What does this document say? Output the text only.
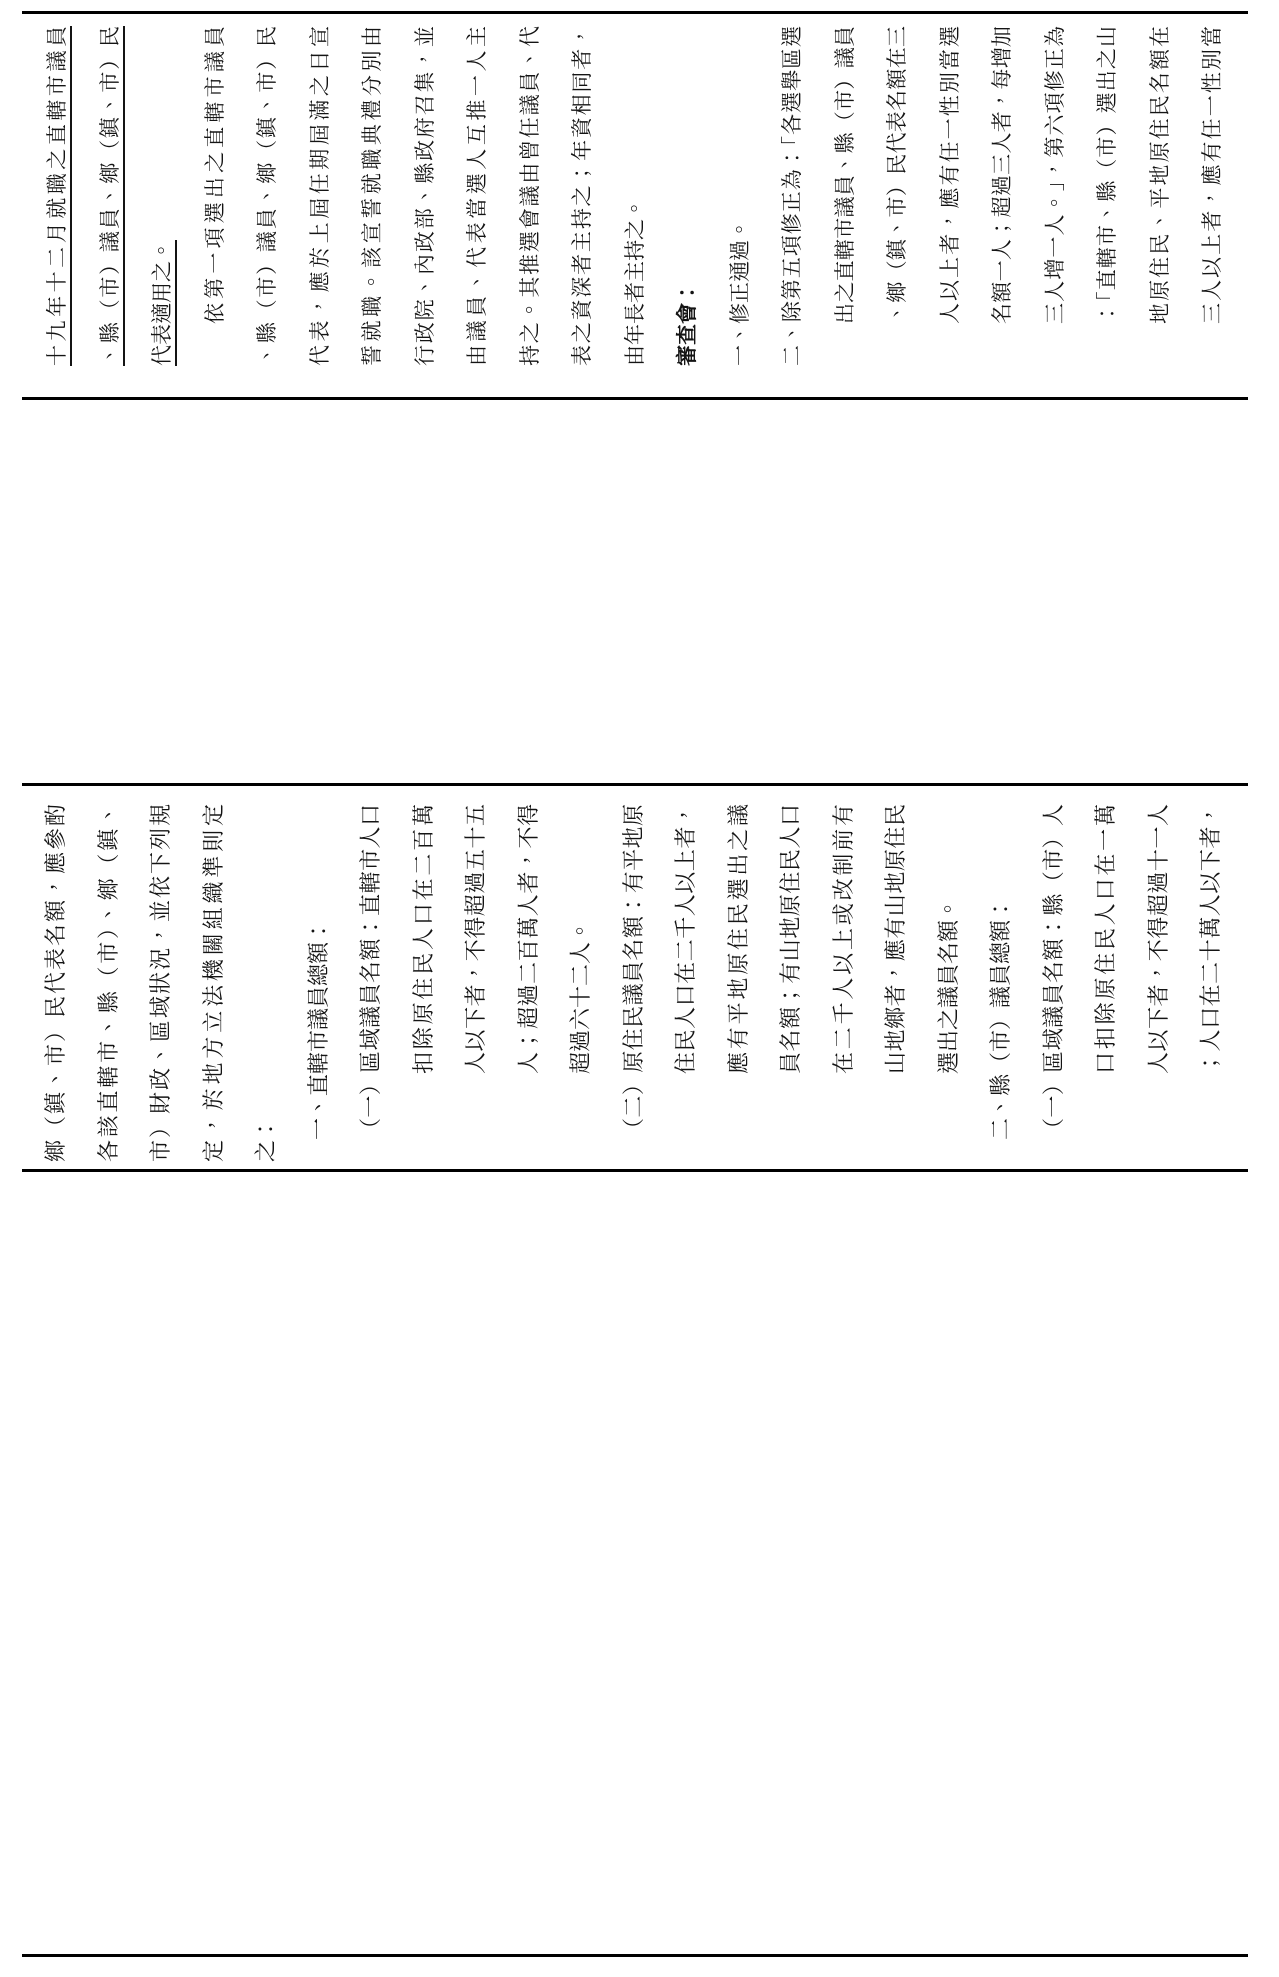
十九年十二月就職之直轄市議員	、縣（市）議員、鄉（鎮、市）民	代表適用之。	依第一項選出之直轄市議員	、縣（市）議員、鄉（鎮、市）民	代表，應於上屆任期屆滿之日宣	誓就職。該宣誓就職典禮分別由	行政院、內政部、縣政府召集，並	由議員、代表當選人互推一人主	持之。其推選會議由曾任議員、代	表之資深者主持之；年資相同者，	由年長者主持之。	審查會：	一、修正通過。	二、除第五項修正為：「各選舉區選	出之直轄市議員、縣（市）議員	、鄉（鎮、市）民代表名額在三	人以上者，應有任一性別當選	名額一人；超過三人者，每增加	三人增一人。」，第六項修正為	：「直轄市、縣（市）選出之山	地原住民、平地原住民名額在	三人以上者，應有任一性別當
鄉（鎮、市）民代表名額，應參酌	各該直轄市、縣（市）、鄉（鎮、	市）財政、區域狀況，並依下列規	定，於地方立法機關組織準則定	之：	一、直轄市議員總額：	（一）區域議員名額：直轄市人口	扣除原住民人口在二百萬	人以下者，不得超過五十五	人；超過二百萬人者，不得	超過六十二人。	（二）原住民議員名額：有平地原	住民人口在二千人以上者，	應有平地原住民選出之議	員名額；有山地原住民人口	在二千人以上或改制前有	山地鄉者，應有山地原住民	選出之議員名額。	二、縣（市）議員總額：	（一）區域議員名額：縣（市）人	口扣除原住民人口在一萬	人以下者，不得超過十一人	；人口在二十萬人以下者，
